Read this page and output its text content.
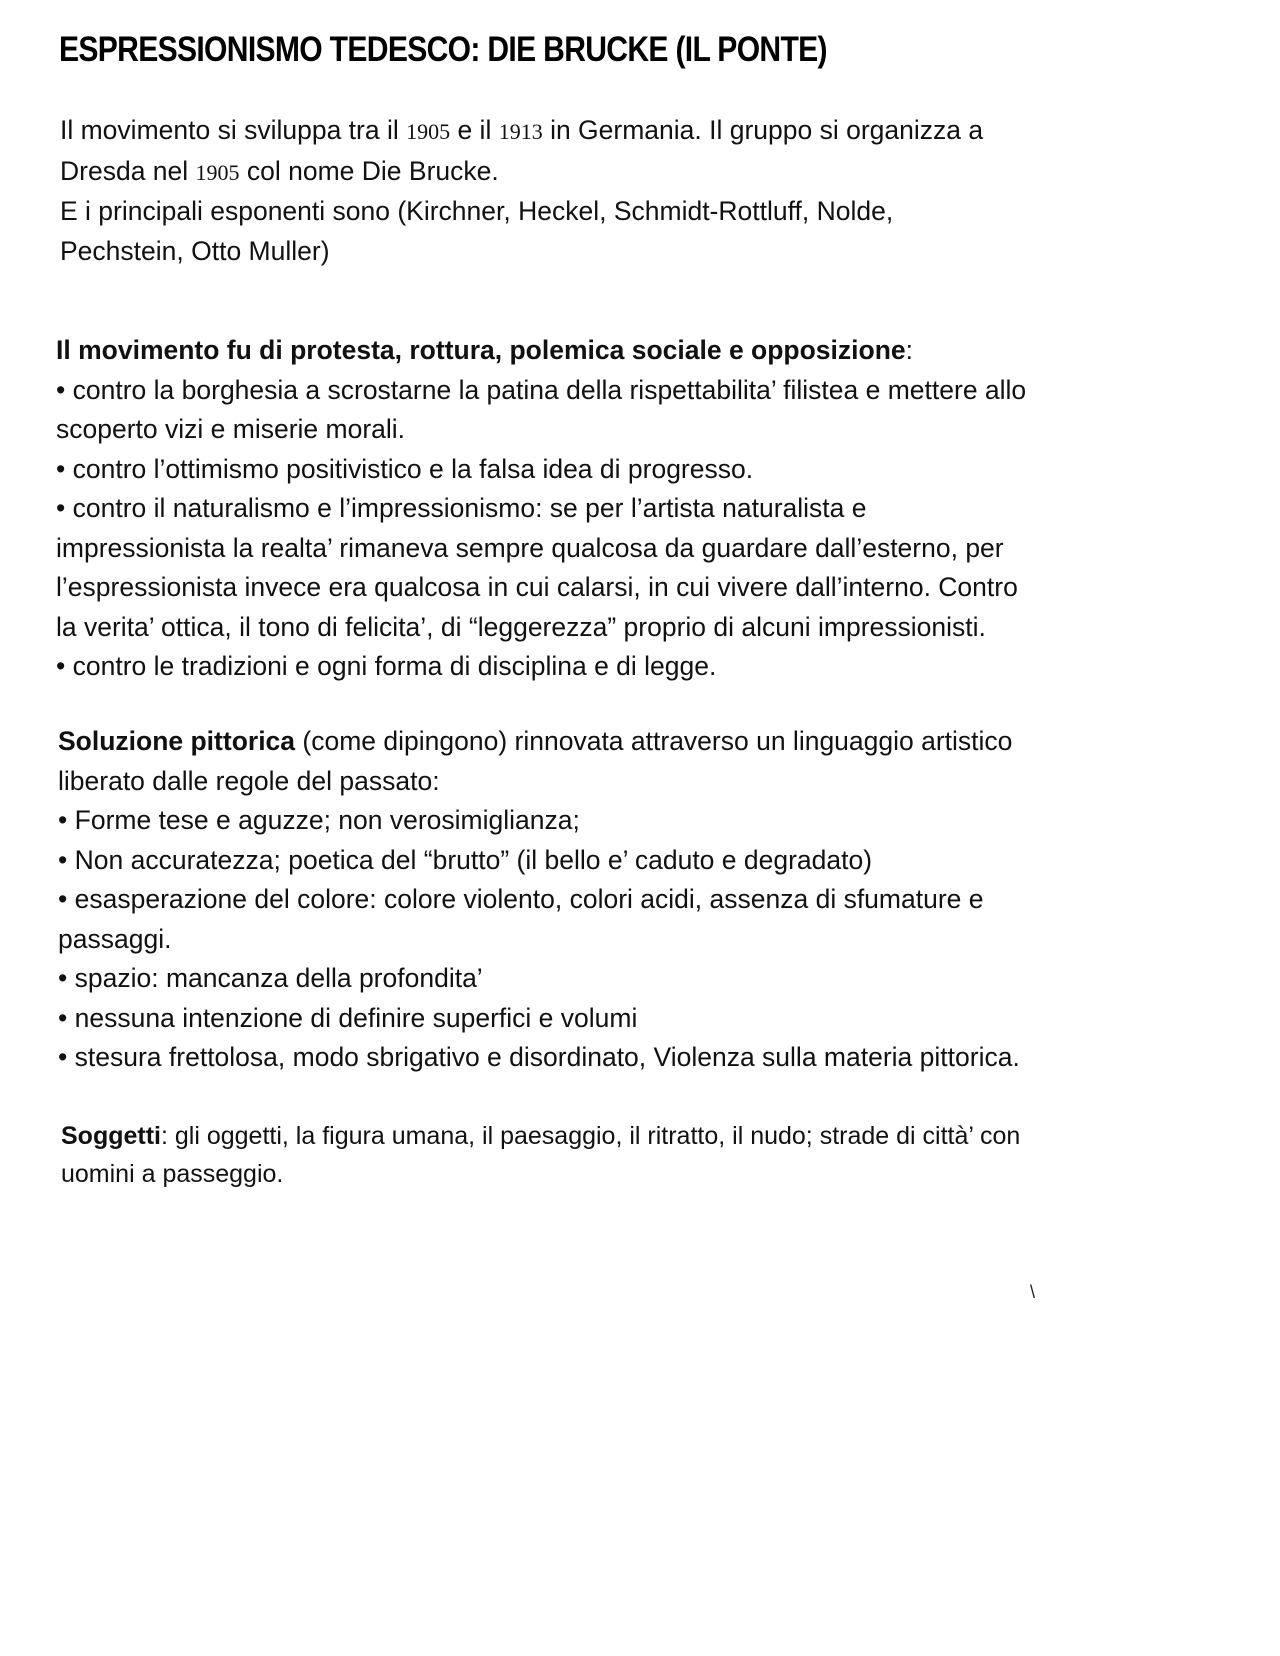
ESPRESSIONISMO TEDESCO: DIE BRUCKE (IL PONTE)

Il movimento si sviluppa tra il 1905 e il 1913 in Germania. Il gruppo si organizza a

Dresda nel 1905 col nome Die Brucke.

E i principali esponenti sono (Kirchner, Heckel, Schmidt-Rottluff, Nolde,

Pechstein, Otto Muller)

Il movimento fu di protesta, rottura, polemica sociale e opposizione:

• contro la borghesia a scrostarne la patina della rispettabilita’ filistea e mettere allo

scoperto vizi e miserie morali.

• contro l’ottimismo positivistico e la falsa idea di progresso.

• contro il naturalismo e l’impressionismo: se per l’artista naturalista e

impressionista la realta’ rimaneva sempre qualcosa da guardare dall’esterno, per

l’espressionista invece era qualcosa in cui calarsi, in cui vivere dall’interno. Contro

la verita’ ottica, il tono di felicita’, di “leggerezza” proprio di alcuni impressionisti.

• contro le tradizioni e ogni forma di disciplina e di legge.

Soluzione pittorica (come dipingono) rinnovata attraverso un linguaggio artistico

liberato dalle regole del passato:

• Forme tese e aguzze; non verosimiglianza;

• Non accuratezza; poetica del “brutto” (il bello e’ caduto e degradato)

• esasperazione del colore: colore violento, colori acidi, assenza di sfumature e

passaggi.

• spazio: mancanza della profondita’

• nessuna intenzione di definire superfici e volumi

• stesura frettolosa, modo sbrigativo e disordinato, Violenza sulla materia pittorica.

Soggetti: gli oggetti, la figura umana, il paesaggio, il ritratto, il nudo; strade di città’ con

uomini a passeggio.

\
